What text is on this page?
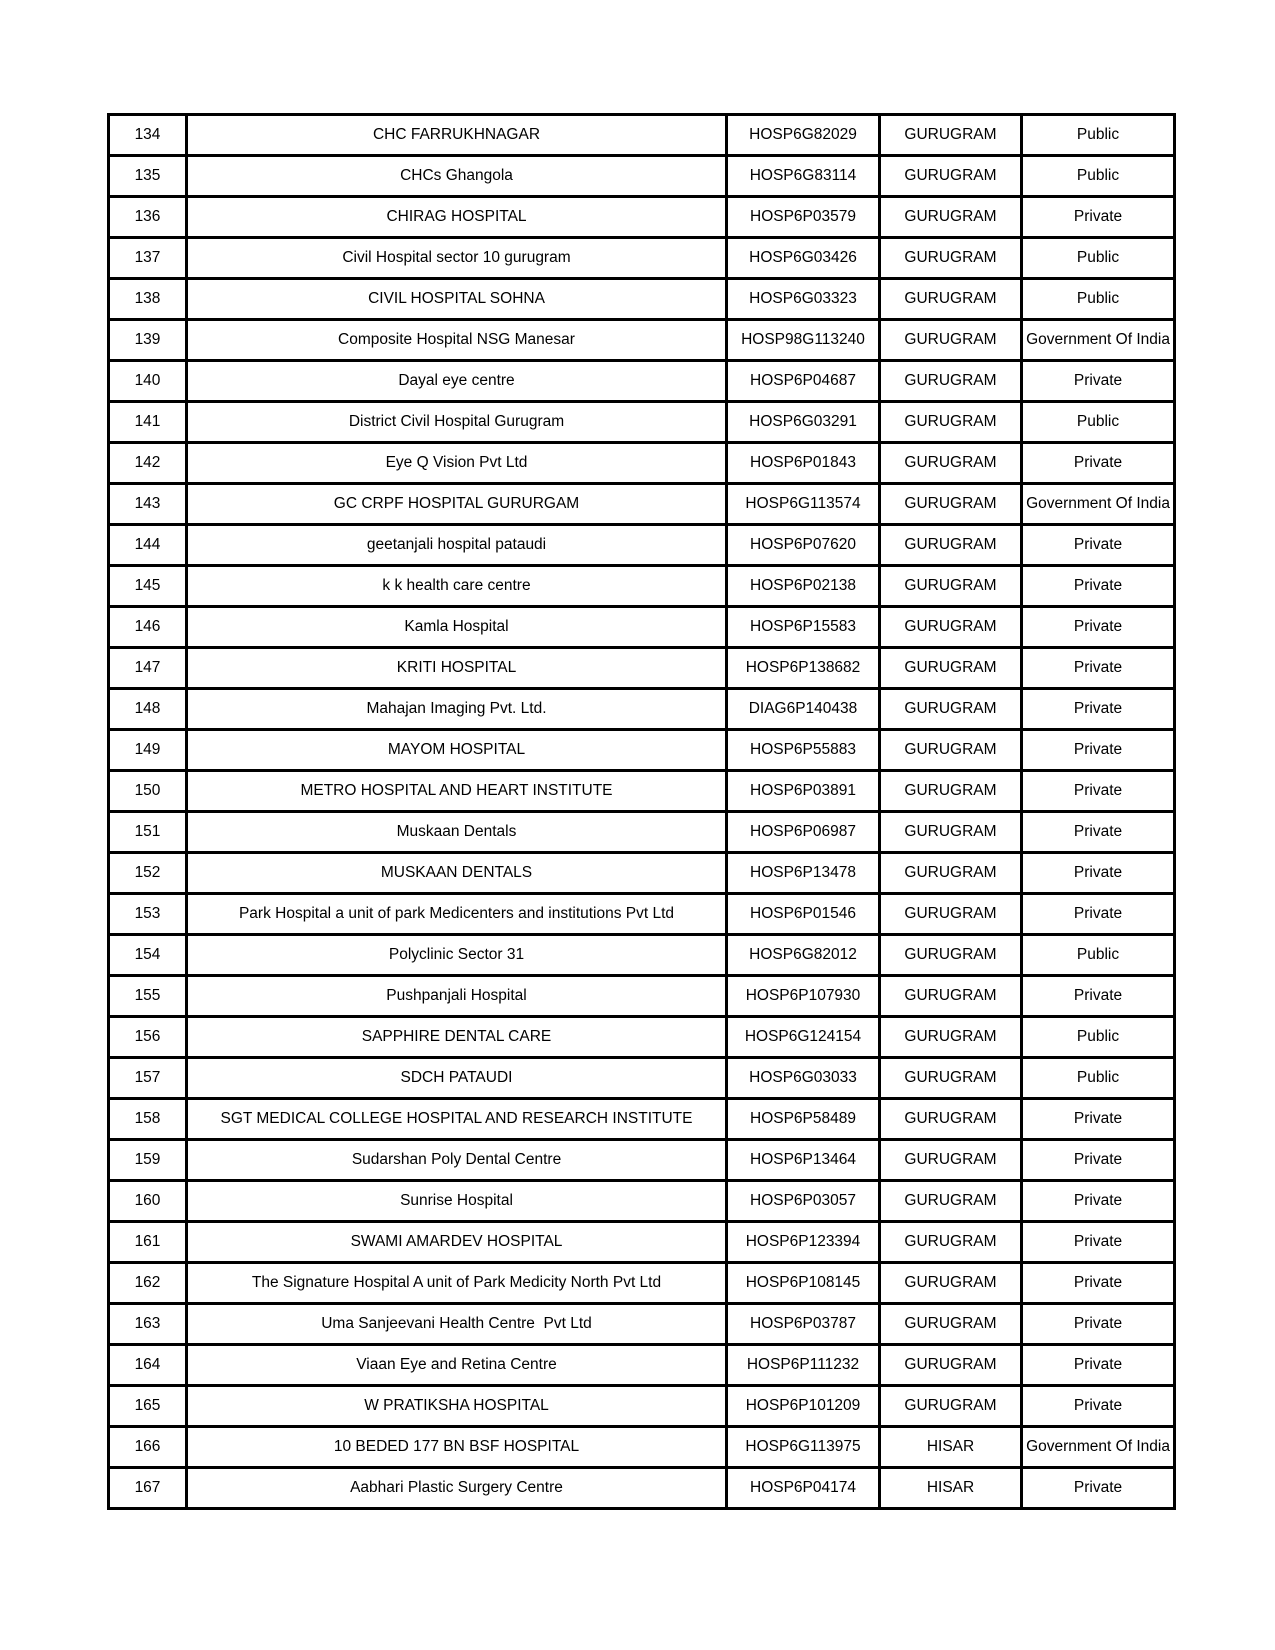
134	CHC FARRUKHNAGAR	HOSP6G82029	GURUGRAM	Public
135	CHCs Ghangola	HOSP6G83114	GURUGRAM	Public
136	CHIRAG HOSPITAL	HOSP6P03579	GURUGRAM	Private
137	Civil Hospital sector 10 gurugram	HOSP6G03426	GURUGRAM	Public
138	CIVIL HOSPITAL SOHNA	HOSP6G03323	GURUGRAM	Public
139	Composite Hospital NSG Manesar	HOSP98G113240	GURUGRAM	Government Of India
140	Dayal eye centre	HOSP6P04687	GURUGRAM	Private
141	District Civil Hospital Gurugram	HOSP6G03291	GURUGRAM	Public
142	Eye Q Vision Pvt Ltd	HOSP6P01843	GURUGRAM	Private
143	GC CRPF HOSPITAL GURURGAM	HOSP6G113574	GURUGRAM	Government Of India
144	geetanjali hospital pataudi	HOSP6P07620	GURUGRAM	Private
145	k k health care centre	HOSP6P02138	GURUGRAM	Private
146	Kamla Hospital	HOSP6P15583	GURUGRAM	Private
147	KRITI HOSPITAL	HOSP6P138682	GURUGRAM	Private
148	Mahajan Imaging Pvt. Ltd.	DIAG6P140438	GURUGRAM	Private
149	MAYOM HOSPITAL	HOSP6P55883	GURUGRAM	Private
150	METRO HOSPITAL AND HEART INSTITUTE	HOSP6P03891	GURUGRAM	Private
151	Muskaan Dentals	HOSP6P06987	GURUGRAM	Private
152	MUSKAAN DENTALS	HOSP6P13478	GURUGRAM	Private
153	Park Hospital a unit of park Medicenters and institutions Pvt Ltd	HOSP6P01546	GURUGRAM	Private
154	Polyclinic Sector 31	HOSP6G82012	GURUGRAM	Public
155	Pushpanjali Hospital	HOSP6P107930	GURUGRAM	Private
156	SAPPHIRE DENTAL CARE	HOSP6G124154	GURUGRAM	Public
157	SDCH PATAUDI	HOSP6G03033	GURUGRAM	Public
158	SGT MEDICAL COLLEGE HOSPITAL AND RESEARCH INSTITUTE	HOSP6P58489	GURUGRAM	Private
159	Sudarshan Poly Dental Centre	HOSP6P13464	GURUGRAM	Private
160	Sunrise Hospital	HOSP6P03057	GURUGRAM	Private
161	SWAMI AMARDEV HOSPITAL	HOSP6P123394	GURUGRAM	Private
162	The Signature Hospital A unit of Park Medicity North Pvt Ltd	HOSP6P108145	GURUGRAM	Private
163	Uma Sanjeevani Health Centre  Pvt Ltd	HOSP6P03787	GURUGRAM	Private
164	Viaan Eye and Retina Centre	HOSP6P111232	GURUGRAM	Private
165	W PRATIKSHA HOSPITAL	HOSP6P101209	GURUGRAM	Private
166	10 BEDED 177 BN BSF HOSPITAL	HOSP6G113975	HISAR	Government Of India
167	Aabhari Plastic Surgery Centre	HOSP6P04174	HISAR	Private
